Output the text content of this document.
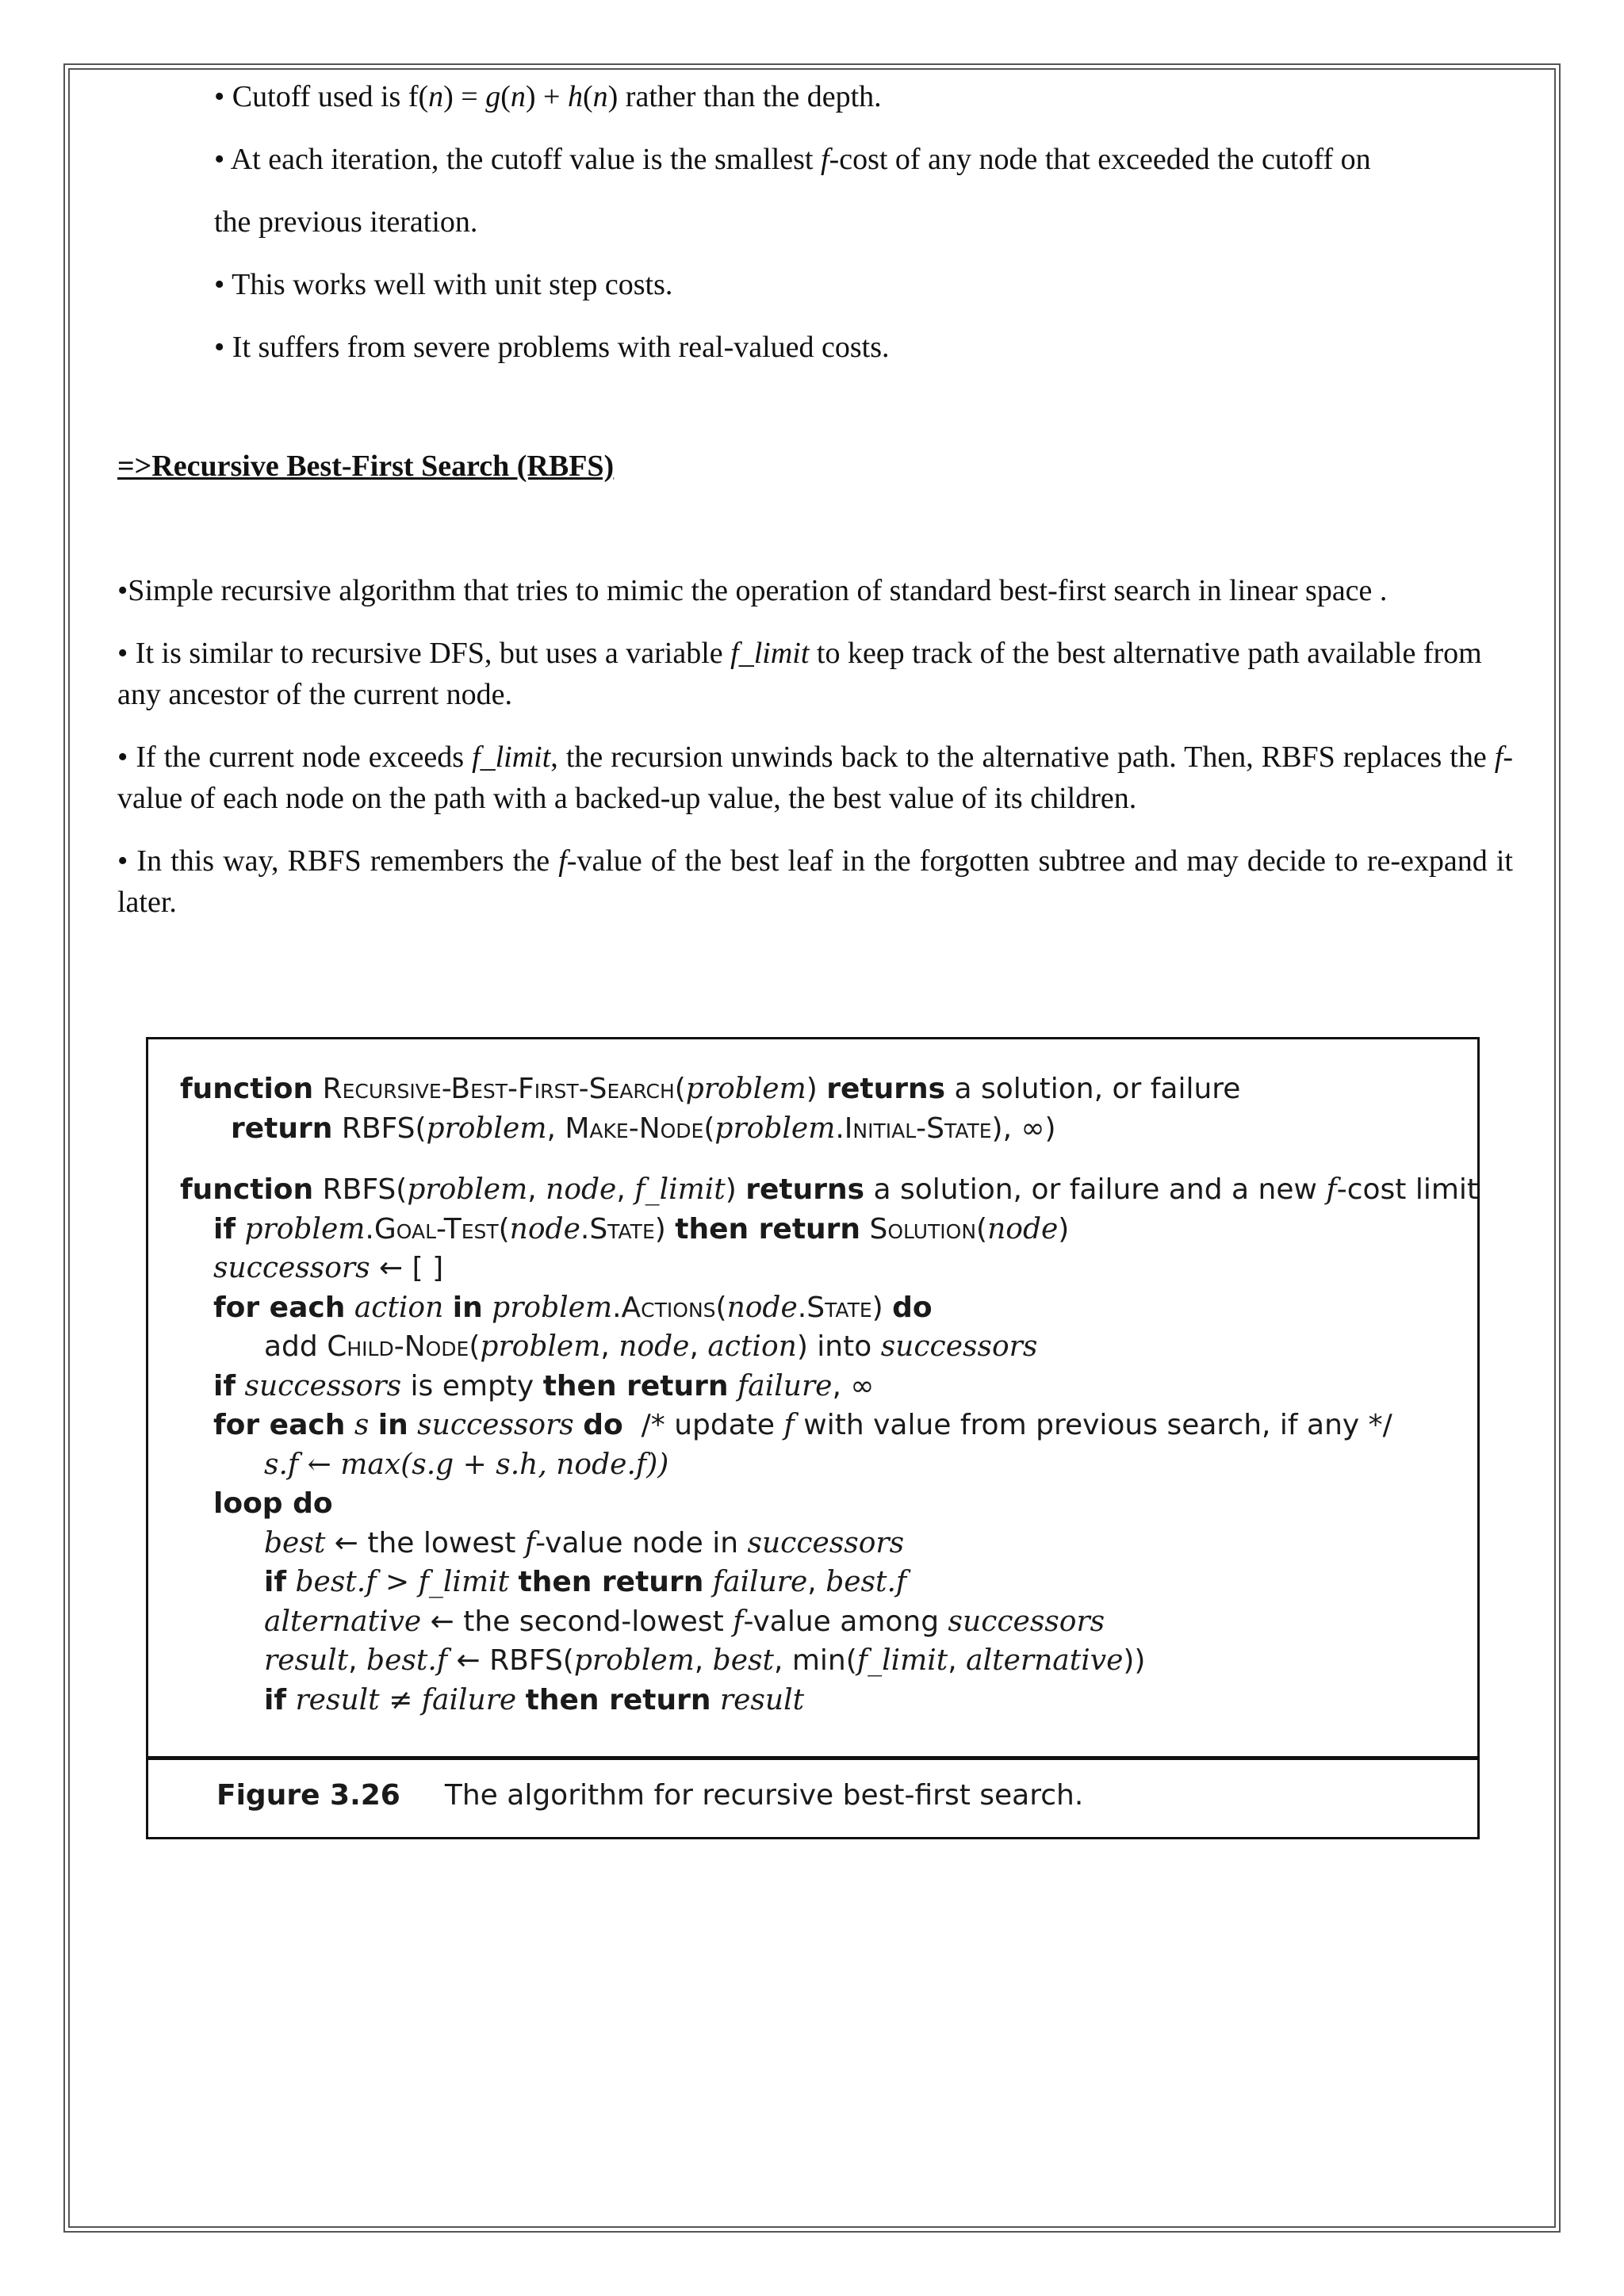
• Cutoff used is f(n) = g(n) + h(n) rather than the depth.

• At each iteration, the cutoff value is the smallest f-cost of any node that exceeded the cutoff on

the previous iteration.

• This works well with unit step costs.

• It suffers from severe problems with real-valued costs.

=>Recursive Best-First Search (RBFS)

•Simple recursive algorithm that tries to mimic the operation of standard best-first search in linear space .

• It is similar to recursive DFS, but uses a variable f_limit to keep track of the best alternative path available from any ancestor of the current node.

• If the current node exceeds f_limit, the recursion unwinds back to the alternative path. Then, RBFS replaces the f-value of each node on the path with a backed-up value, the best value of its children.

• In this way, RBFS remembers the f-value of the best leaf in the forgotten subtree and may decide to re-expand it later.

function Recursive-Best-First-Search(problem) returns a solution, or failure
return RBFS(problem, Make-Node(problem.Initial-State), ∞)
function RBFS(problem, node, f_limit) returns a solution, or failure and a new f-cost limit
if problem.Goal-Test(node.State) then return Solution(node)
successors ← [ ]
for each action in problem.Actions(node.State) do
add Child-Node(problem, node, action) into successors
if successors is empty then return failure, ∞
for each s in successors do /* update f with value from previous search, if any */
s.f ← max(s.g + s.h, node.f))
loop do
best ← the lowest f-value node in successors
if best.f > f_limit then return failure, best.f
alternative ← the second-lowest f-value among successors
result, best.f ← RBFS(problem, best, min(f_limit, alternative))
if result ≠ failure then return result
Figure 3.26 The algorithm for recursive best-first search.
